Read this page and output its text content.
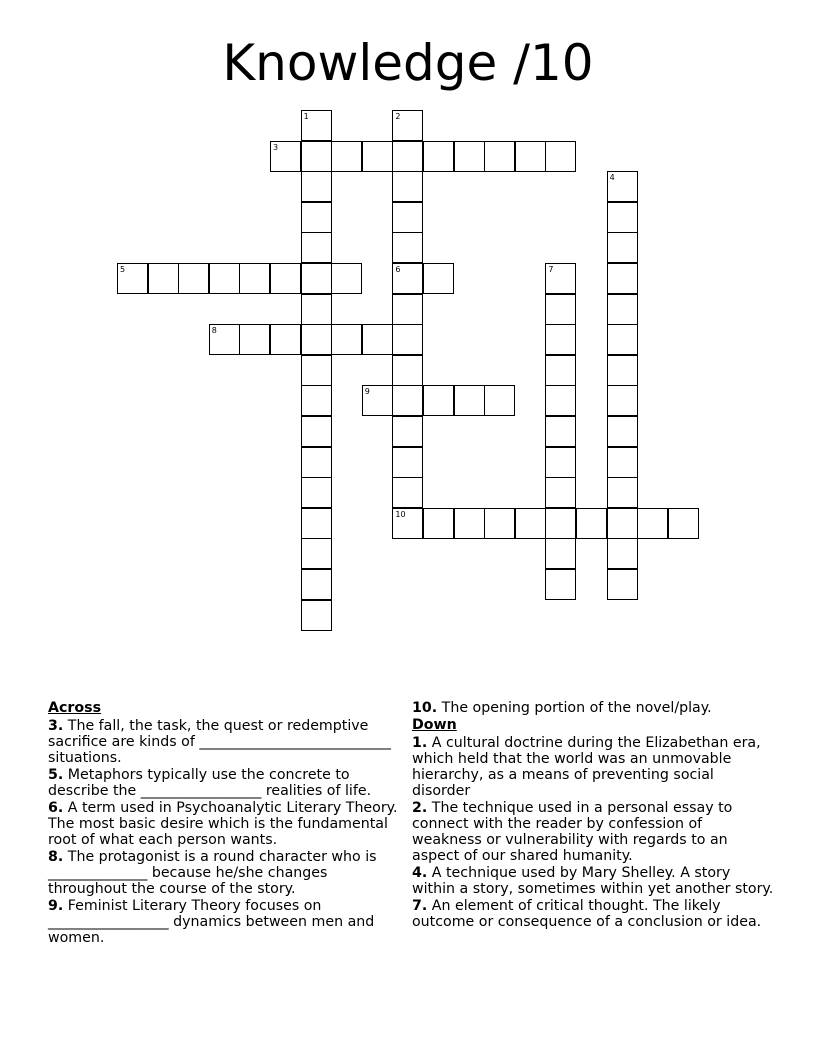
Knowledge /10
1	2
6
10
3
4
5	7
8
9
Across
3. The fall, the task, the quest or redemptive sacrifice are kinds of ___________________________ situations.
5. Metaphors typically use the concrete to describe the _________________ realities of life.
6. A term used in Psychoanalytic Literary Theory. The most basic desire which is the fundamental root of what each person wants.
8. The protagonist is a round character who is ______________ because he/she changes throughout the course of the story.
9. Feminist Literary Theory focuses on _________________ dynamics between men and women.
10. The opening portion of the novel/play.
Down
1. A cultural doctrine during the Elizabethan era, which held that the world was an unmovable hierarchy, as a means of preventing social disorder
2. The technique used in a personal essay to connect with the reader by confession of weakness or vulnerability with regards to an aspect of our shared humanity.
4. A technique used by Mary Shelley. A story within a story, sometimes within yet another story.
7. An element of critical thought. The likely outcome or consequence of a conclusion or idea.
